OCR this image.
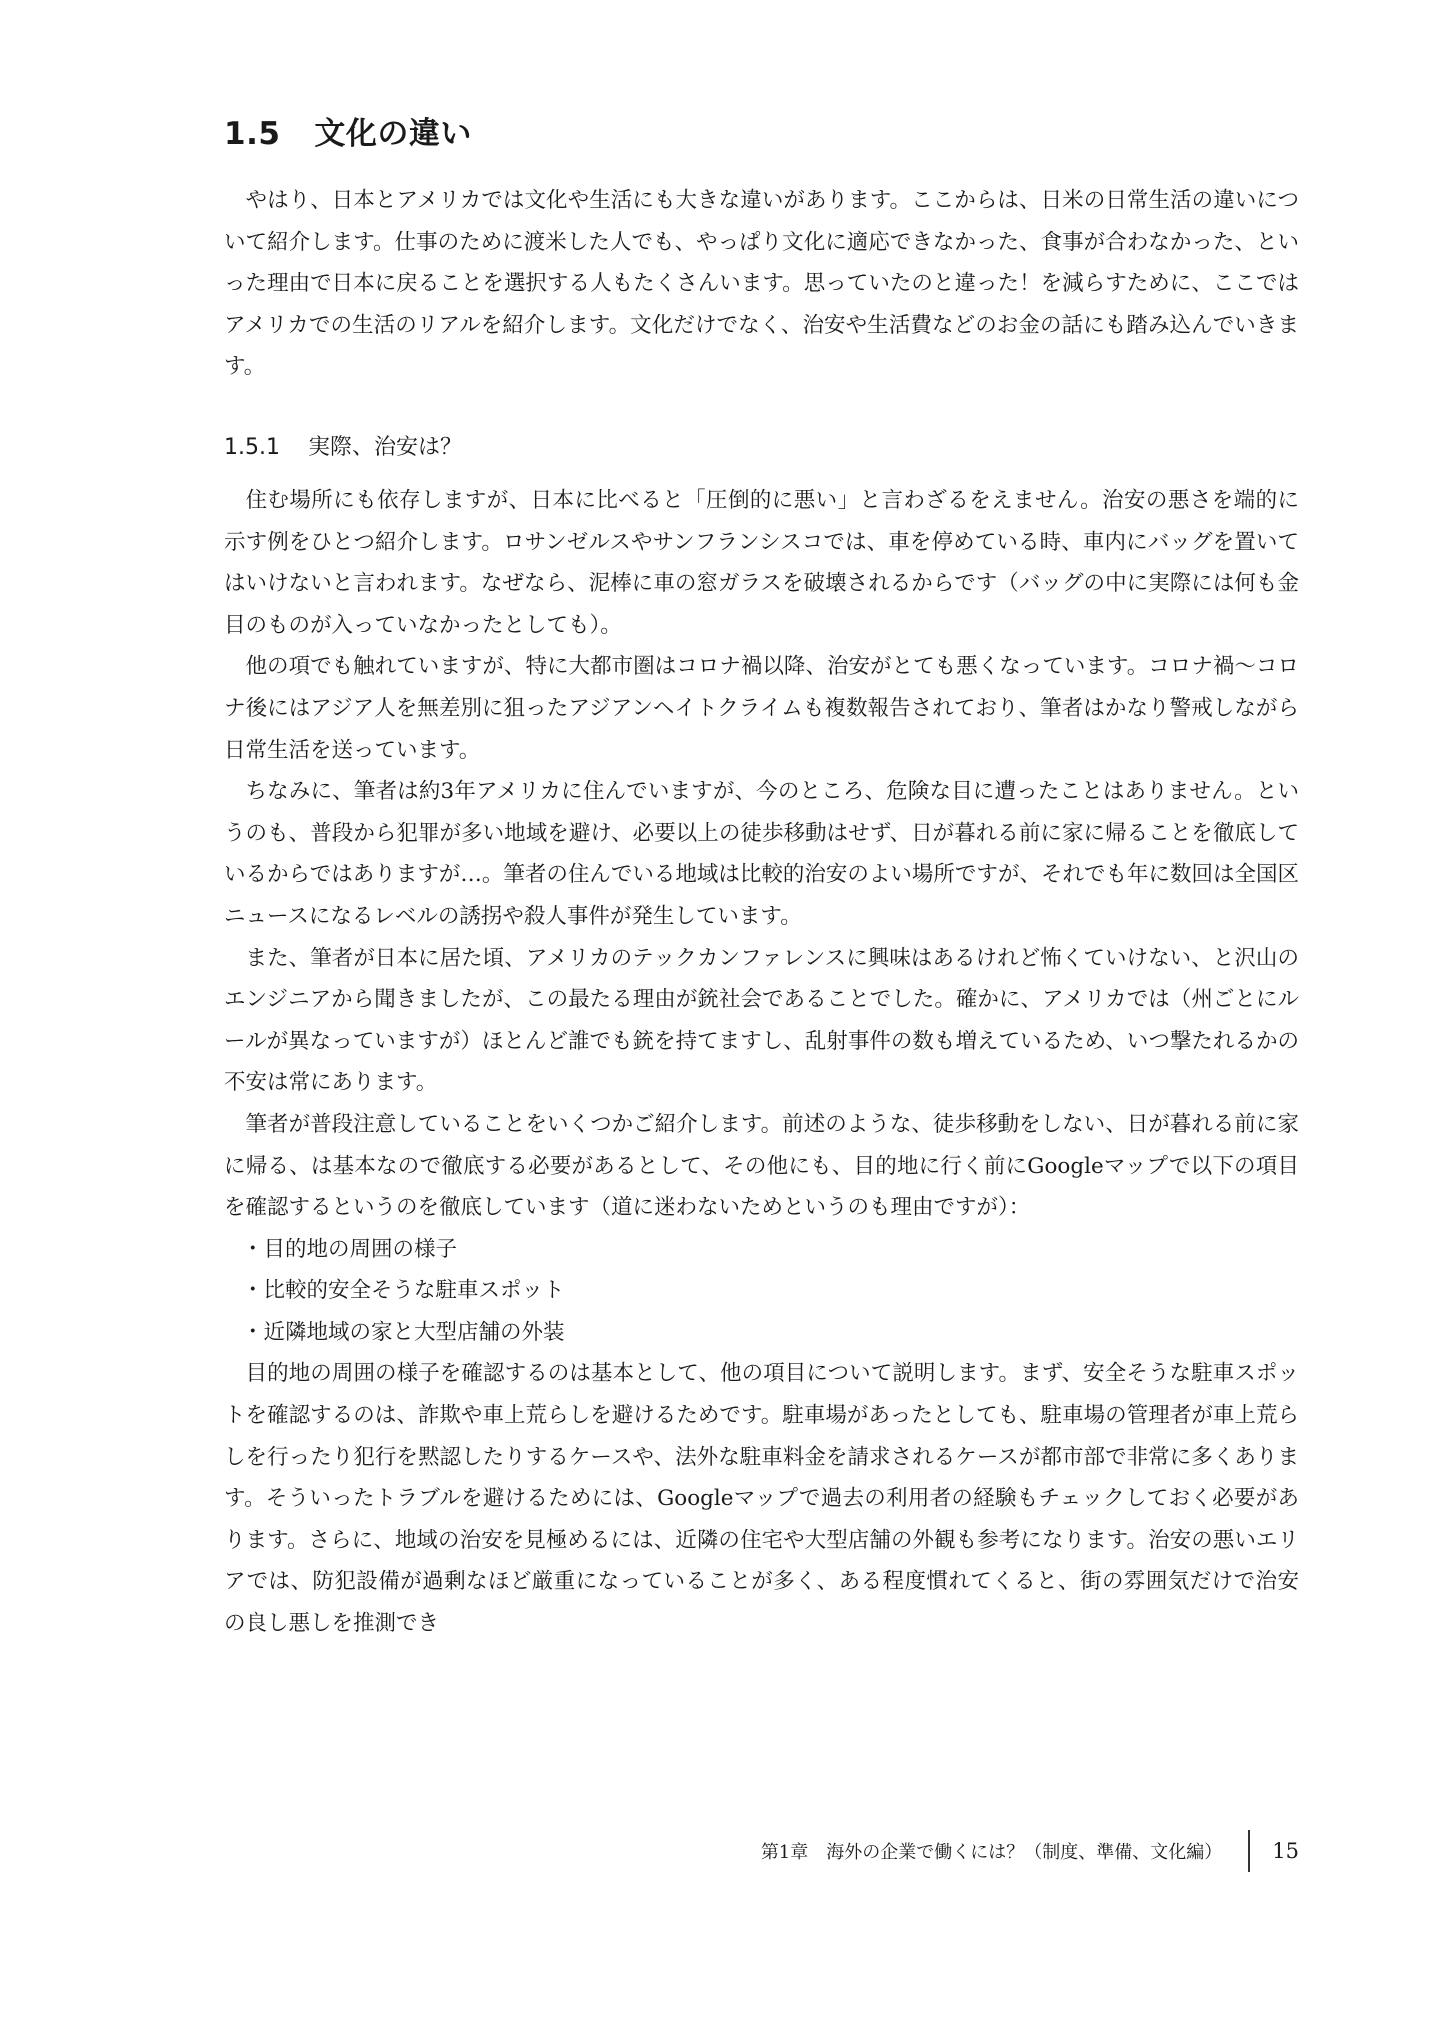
1.5 文化の違い

やはり、日本とアメリカでは文化や生活にも大きな違いがあります。ここからは、日米の日常生活の違いについて紹介します。仕事のために渡米した人でも、やっぱり文化に適応できなかった、食事が合わなかった、といった理由で日本に戻ることを選択する人もたくさんいます。思っていたのと違った！を減らすために、ここではアメリカでの生活のリアルを紹介します。文化だけでなく、治安や生活費などのお金の話にも踏み込んでいきます。

1.5.1 実際、治安は？

住む場所にも依存しますが、日本に比べると「圧倒的に悪い」と言わざるをえません。治安の悪さを端的に示す例をひとつ紹介します。ロサンゼルスやサンフランシスコでは、車を停めている時、車内にバッグを置いてはいけないと言われます。なぜなら、泥棒に車の窓ガラスを破壊されるからです（バッグの中に実際には何も金目のものが入っていなかったとしても）。

他の項でも触れていますが、特に大都市圏はコロナ禍以降、治安がとても悪くなっています。コロナ禍〜コロナ後にはアジア人を無差別に狙ったアジアンヘイトクライムも複数報告されており、筆者はかなり警戒しながら日常生活を送っています。

ちなみに、筆者は約3年アメリカに住んでいますが、今のところ、危険な目に遭ったことはありません。というのも、普段から犯罪が多い地域を避け、必要以上の徒歩移動はせず、日が暮れる前に家に帰ることを徹底しているからではありますが…。筆者の住んでいる地域は比較的治安のよい場所ですが、それでも年に数回は全国区ニュースになるレベルの誘拐や殺人事件が発生しています。

また、筆者が日本に居た頃、アメリカのテックカンファレンスに興味はあるけれど怖くていけない、と沢山のエンジニアから聞きましたが、この最たる理由が銃社会であることでした。確かに、アメリカでは（州ごとにルールが異なっていますが）ほとんど誰でも銃を持てますし、乱射事件の数も増えているため、いつ撃たれるかの不安は常にあります。

筆者が普段注意していることをいくつかご紹介します。前述のような、徒歩移動をしない、日が暮れる前に家に帰る、は基本なので徹底する必要があるとして、その他にも、目的地に行く前にGoogleマップで以下の項目を確認するというのを徹底しています（道に迷わないためというのも理由ですが）：

・目的地の周囲の様子
・比較的安全そうな駐車スポット
・近隣地域の家と大型店舗の外装

目的地の周囲の様子を確認するのは基本として、他の項目について説明します。まず、安全そうな駐車スポットを確認するのは、詐欺や車上荒らしを避けるためです。駐車場があったとしても、駐車場の管理者が車上荒らしを行ったり犯行を黙認したりするケースや、法外な駐車料金を請求されるケースが都市部で非常に多くあります。そういったトラブルを避けるためには、Googleマップで過去の利用者の経験もチェックしておく必要があります。さらに、地域の治安を見極めるには、近隣の住宅や大型店舗の外観も参考になります。治安の悪いエリアでは、防犯設備が過剰なほど厳重になっていることが多く、ある程度慣れてくると、街の雰囲気だけで治安の良し悪しを推測でき

第1章　海外の企業で働くには？（制度、準備、文化編） 15
